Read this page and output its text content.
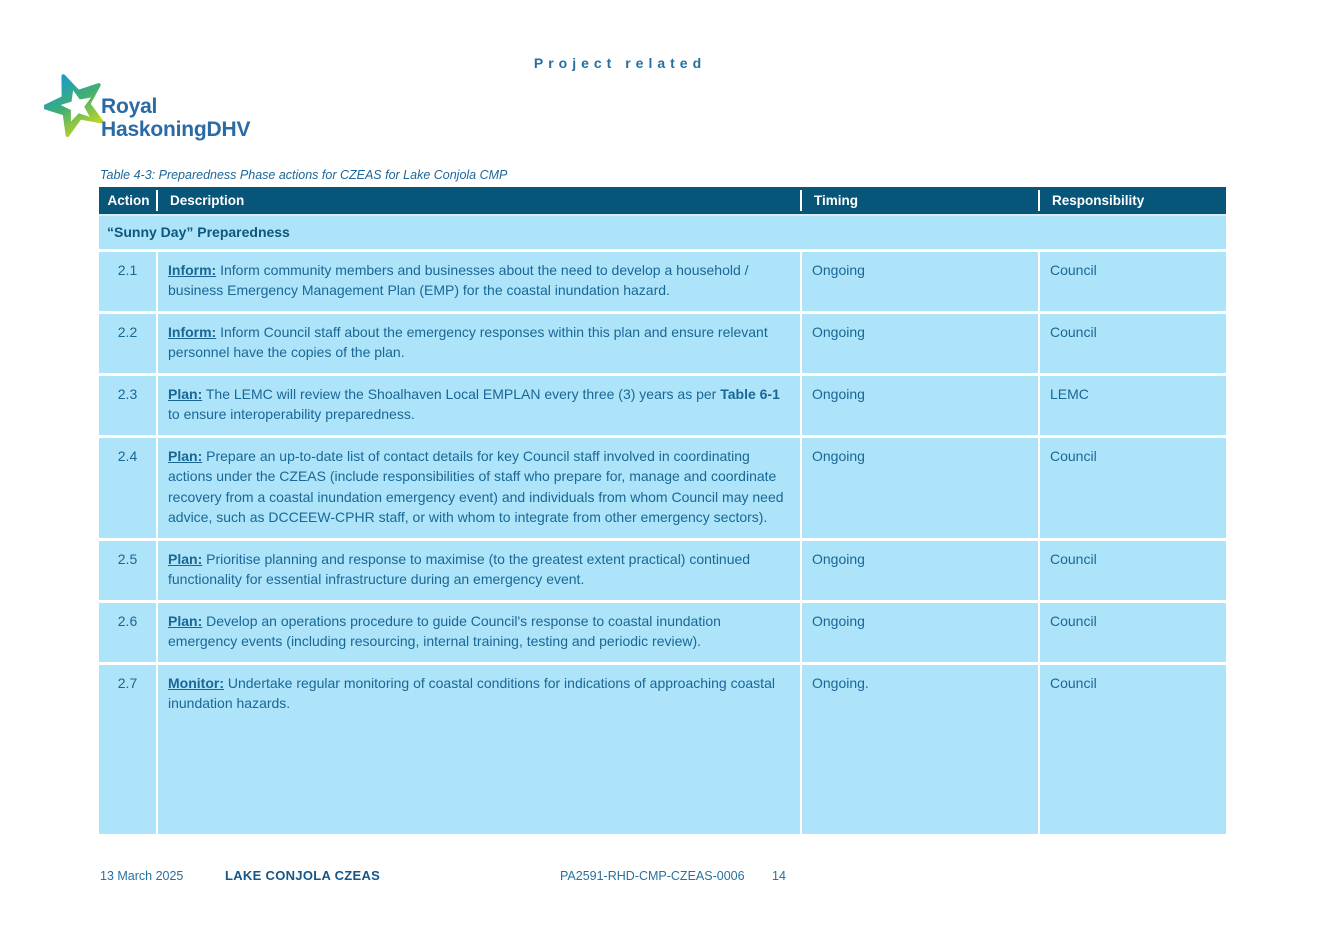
Project related
Royal
HaskoningDHV
Table 4-3: Preparedness Phase actions for CZEAS for Lake Conjola CMP
Action	Description	Timing	Responsibility
“Sunny Day” Preparedness			
2.1	Inform: Inform community members and businesses about the need to develop a household / business Emergency Management Plan (EMP) for the coastal inundation hazard.	Ongoing	Council
2.2	Inform: Inform Council staff about the emergency responses within this plan and ensure relevant personnel have the copies of the plan.	Ongoing	Council
2.3	Plan: The LEMC will review the Shoalhaven Local EMPLAN every three (3) years as per Table 6-1 to ensure interoperability preparedness.	Ongoing	LEMC
2.4	Plan: Prepare an up-to-date list of contact details for key Council staff involved in coordinating actions under the CZEAS (include responsibilities of staff who prepare for, manage and coordinate recovery from a coastal inundation emergency event) and individuals from whom Council may need advice, such as DCCEEW-CPHR staff, or with whom to integrate from other emergency sectors).	Ongoing	Council
2.5	Plan: Prioritise planning and response to maximise (to the greatest extent practical) continued functionality for essential infrastructure during an emergency event.	Ongoing	Council
2.6	Plan: Develop an operations procedure to guide Council's response to coastal inundation emergency events (including resourcing, internal training, testing and periodic review).	Ongoing	Council
2.7	Monitor: Undertake regular monitoring of coastal conditions for indications of approaching coastal inundation hazards.	Ongoing.	Council
13 March 2025	LAKE CONJOLA CZEAS	PA2591-RHD-CMP-CZEAS-0006 14
